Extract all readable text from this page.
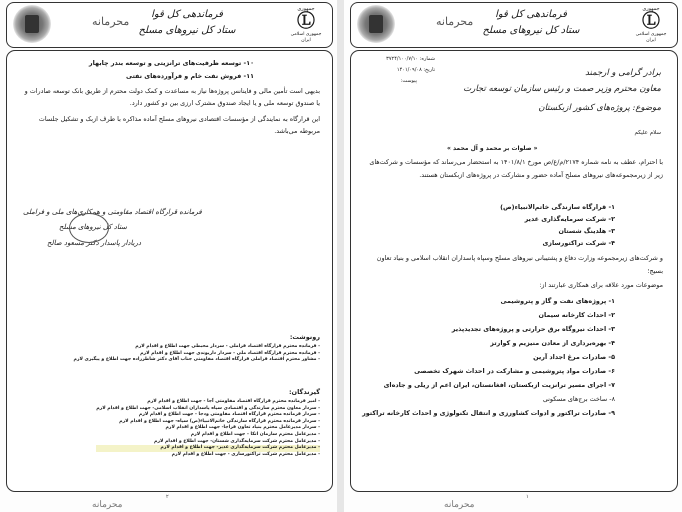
محرمانه
فرماندهی کل قوا
ستاد کل نیروهای مسلح
جمهوری
Ⓛ
جمهوری اسلامی ایران
۱۰- توسعه ظرفیت‌های ترانزیتی و توسعه بندر چابهار
۱۱- فروش نفت خام و فرآورده‌های نفتی
بدیهی است تأمین مالی و فاینانس پروژه‌ها نیاز به مساعدت و کمک دولت محترم از طریق بانک توسعه صادرات و یا صندوق توسعه ملی و یا ایجاد صندوق مشترک ارزی بین دو کشور دارد.
این قرارگاه به نمایندگی از مؤسسات اقتصادی نیروهای مسلح آماده مذاکره با طرف ازبک و تشکیل جلسات مربوطه می‌باشد.
فرمانده قرارگاه اقتصاد مقاومتی و همکاری‌های ملی و فراملی
ستاد کل نیروهای مسلح
دریادار پاسدار دکتر مسعود صالح
رونوشت:
- فرمانده محترم قرارگاه اقتصاد فراملی - سردار محبطی جهت اطلاع و اقدام لازم
- فرمانده محترم قرارگاه اقتصاد ملی - سردار داریوندی جهت اطلاع و اقدام لازم
- مشاور محترم اقتصاد فراملی قرارگاه اقتصاد مقاومتی جناب آقای دکتر شاطرزاده جهت اطلاع و پیگیری لازم
گیرندگان:
- امیر فرمانده محترم قرارگاه اقتصاد مقاومتی آجا - جهت اطلاع و اقدام لازم
- سردار معاون محترم سازندگی و اقتصادی سپاه پاسداران انقلاب اسلامی- جهت اطلاع و اقدام لازم
- سردار فرمانده محترم قرارگاه اقتصاد مقاومتی ودجا - جهت اطلاع و اقدام لازم
- سردار فرمانده محترم قرارگاه سازندگی خاتم‌الانبیاء(ص) سپاه- جهت اطلاع و اقدام لازم
- سردار مدیرعامل محترم بنیاد تعاون فراجا- جهت اطلاع و اقدام لازم
- مدیرعامل محترم سازمان اتکا - جهت اطلاع و اقدام لازم
- مدیرعامل محترم شرکت سرمایه‌گذاری شستان- جهت اطلاع و اقدام لازم
- مدیرعامل محترم شرکت سرمایه‌گذاری غدیر- جهت اطلاع و اقدام لازم
- مدیرعامل محترم شرکت تراکتورسازی - جهت اطلاع و اقدام لازم
۲
محرمانه
محرمانه
فرماندهی کل قوا
ستاد کل نیروهای مسلح
جمهوری
Ⓛ
جمهوری اسلامی ایران
شماره: ۳۷۲۴/۱۰۰/۷/۱۰
تاریخ: ۱۴۰۱/۰۹/۰۸
پیوست:
برادر گرامی و ارجمند
معاون محترم وزیر صمت و رئیس سازمان توسعه تجارت
موضوع: پروژه‌های کشور ازبکستان
سلام علیکم
« صلوات بر محمد و آل محمد »
با احترام، عطف به نامه شماره ۲۱۷۴/م/غ/ص مورخ ۱۴۰۱/۸/۱ به استحضار می‌رساند که مؤسسات و شرکت‌های زیر از زیرمجموعه‌های نیروهای مسلح آماده حضور و مشارکت در پروژه‌های ازبکستان هستند.
۱- قرارگاه سازندگی خاتم‌الانبیاء(ص)
۲- شرکت سرمایه‌گذاری غدیر
۳- هلدینگ شستان
۴- شرکت تراکتورسازی
و شرکت‌های زیرمجموعه وزارت دفاع و پشتیبانی نیروهای مسلح وسپاه پاسداران انقلاب اسلامی و بنیاد تعاون بسیج؛
موضوعات مورد علاقه برای همکاری عبارتند از:
۱- پروژه‌های نفت و گاز و پتروشیمی
۲- احداث کارخانه سیمان
۳- احداث نیروگاه برق حرارتی و پروژه‌های تجدیدپذیر
۴- بهره‌برداری از معادن منیزیم و کوارتز
۵- صادرات مرغ اجداد آرین
۶- صادرات مواد پتروشیمی و مشارکت در احداث شهرک تخصصی
۷- اجرای مسیر ترانزیت ازبکستان، افغانستان، ایران اعم از ریلی و جاده‌ای
۸- ساخت برج‌های مسکونی
۹- صادرات تراکتور و ادوات کشاورزی و انتقال تکنولوژی و احداث کارخانه تراکتور
۱
محرمانه
